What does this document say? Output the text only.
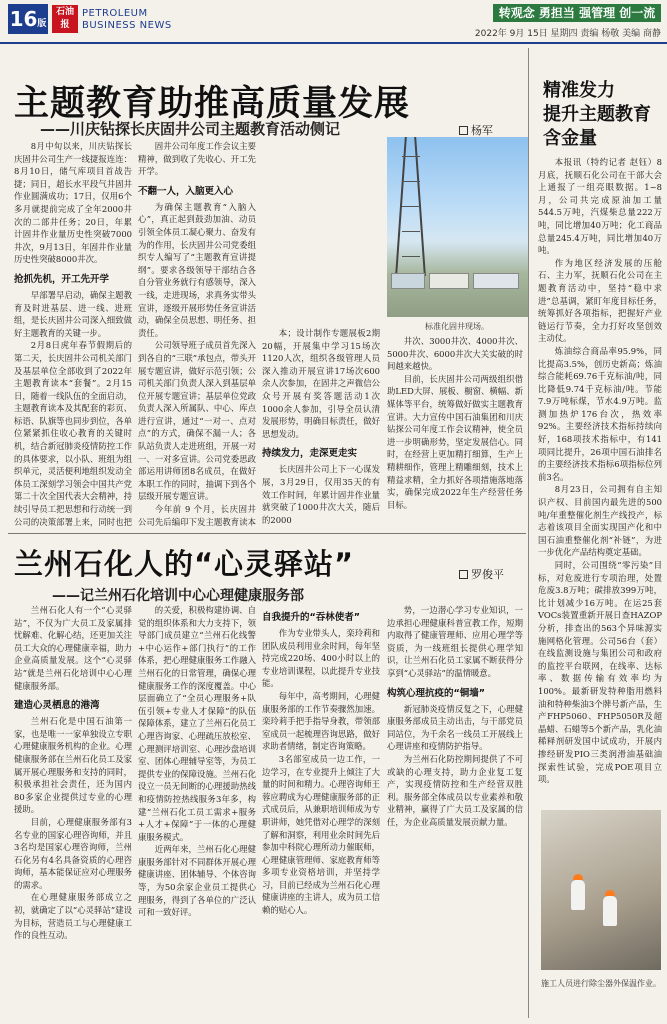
16版
石油报
PETROLEUM
BUSINESS NEWS
转观念 勇担当 强管理 创一流
2022年 9月 15日 星期四 责编 杨敬 美编 商静
主题教育助推高质量发展
——川庆钻探长庆固井公司主题教育活动侧记	杨军

8月中旬以来，川庆钻探长庆固井公司生产一线捷报连连：8月10日，储气库项目首战告捷；同日，超长水平段气井固井作业圆满成功；17日，仅用6个多月就提前完成了全年2000井次的二部井任务；20日，年累计固井作业量历史性突破7000井次，9月13日，年固井作业量历史性突破8000井次。

抢抓先机，开工先开学

早部署早启动，确保主题教育及时进基层、进一线、进班组，是长庆固井公司深入细致做好主题教育的关键一步。

2月8日虎年春节假期后的第二天，长庆固井公司机关部门及基层单位全部收到了2022年主题教育读本“套餐”。2月15日，随着一线队伍的全面启动，主题教育读本及其配套的彩页、标语、队旗等也同步到位，各单位紧紧抓住收心教育的关键时机，结合新冠肺炎疫情防控工作的具体要求，以小队、班组为组织单元，灵活便利地组织发动全体员工深刻学习领会中国共产党第二十次全国代表大会精神，持续引导员工把思想和行动统一到公司的决策部署上来，同时也把

固井公司年度工作会议主要精神，做到收了先收心、开工先开学。

不翻一人，入脑更入心

为确保主题教育“入脑入心”，真正起到鼓劲加油、动员引领全体员工凝心聚力、奋发有为的作用，长庆固井公司党委组织专人编写了“主题教育宣讲提纲”。要求各级领导干部结合各自分管业务就行有感领导，深入一线，走进现场，求真务实带头宣讲，逐级开展形势任务宣讲活动，确保全员思想、明任务、担责任。

公司领导班子成员首先深入到各自的“三联”承包点，带头开展专题宣讲，做好示范引领；公司机关部门负责人深入到基层单位开展专题宣讲；基层单位党政负责人深入所属队、中心、库点进行宣讲，通过“一对一、点对点”的方式，确保不漏一人；各队站负责人走进班组，开展一对一、一对多宣讲。公司党委思政部运用讲师团8名成员，在做好本职工作的同时，抽调下到各个层级开展专题宣讲。

今年前 9 个月，长庆固井公司先后编印下发主题教育读本

本；设计制作专题展板2期20幅，开展集中学习15场次1120人次，组织各级管理人员深入推动开展宣讲17场次600余人次参加，在固井之声微信公众号开展有奖答题活动1次1000余人参加，引导全员认清发展形势，明确目标责任，做好思想发动。

持续发力，走深更走实

长庆固井公司上下一心谋发展，3月29日，仅用35天的有效工作时间，年累计固井作业量就突破了1000井次大关，随后的2000

标准化固井现场。

井次、3000井次、4000井次、5000井次、6000井次大关实破的时间越来越快。

目前，长庆固井公司两级组织借助LED大屏、展板、橱窗、横幅、新媒体等平台，统筹做好做实主题教育宣讲。大力宣传中国石油集团和川庆钻探公司年度工作会议精神，使全员进一步明确形势，坚定发展信心。同时，在经营上更加精打细算，生产上精耕细作，管理上精雕细刻，技术上精益求精，全力抓好各项措施落地落实，确保完成2022年生产经营任务目标。

兰州石化人的“心灵驿站”
——记兰州石化培训中心心理健康服务部
罗俊平

兰州石化人有一个“心灵驿站”，不仅为广大员工及家属排忧解难、化解心结，还更加关注员工大众的心理健康幸福，助力企业高质量发展。这个“心灵驿站”就是兰州石化培训中心心理健康服务部。

建造心灵栖息的港湾

兰州石化是中国石油第一家，也是唯一一家单独设立专职心理健康服务机构的企业。心理健康服务部在兰州石化员工及家属开展心理服务和支持的同时，积极承担社会责任，还为国内80多家企业提供过专业的心理援助。

目前，心理健康服务部有3名专业的国家心理咨询师，并且3名均是国家心理咨询师，兰州石化另有4名具备资质的心理咨询师，基本能保证应对心理服务的需求。

在心理健康服务部成立之初，就确定了以“心灵驿站”建设为目标，营造员工与心理健康工作的良性互动。

的关爱，积极构建协调、自觉的组织体系和大力支持下，领导部门成员建立“兰州石化线警+中心运作+部门执行”的工作体系，把心理健康服务工作融入兰州石化的日常管理，确保心理健康服务工作的深度覆盖。中心层面确立了“全员心理服务+队伍引领+专业人才保障”的队伍保障体系，建立了兰州石化员工心理咨询家、心理疏压放松室、心理测评培训室、心理沙盘培训室、团体心理辅导室等，为员工提供专业的保障设施。兰州石化设立一员无间断的心理援助热线和疫情防控热线服务3年多，构建“兰州石化工员工需求+服务+人才+保障”于一体的心理健康服务模式。

近两年来，兰州石化心理健康服务部针对不同群体开展心理健康讲座、团体辅导、个体咨询等，为50余家企业员工提供心理服务，得到了各单位的广泛认可和一致好评。

自我提升的“吞林使者”

作为专业带头人，栾玲莉和团队成员利用业余时间，每年坚持完成220场、400小时以上的专业培训课程，以此提升专业技能。

每年中，高考期间，心理健康服务部的工作节奏骤然加速。栾玲莉手把手指导身教，带领部室成员一起梳理咨询思路，做好求助者情绪，制定咨询策略。

3名部室成员一边工作，一边学习，在专业提升上倾注了大量的时间和精力。心理咨询师王蓉应聘成为心理健康服务部的正式成员后，从兼职培训师成为专职讲师，她凭借对心理学的深刻了解和洞察，利用业余时间先后参加中科院心理所动力催眠师，心理健康管理师、家庭教育师等多项专业资格培训，并坚持学习，目前已经成为兰州石化心理健康讲座的主讲人，成为员工信赖的贴心人。

势，一边潜心学习专业知识，一边承担心理健康科普宣教工作，短期内取得了健康管理师、应用心理学等资质，为一线班组长提供心理学知识，让兰州石化员工家属不断获得分享到“心灵驿站”的温情暖意。

构筑心理抗疫的“铜墙”

新冠肺炎疫情反复之下，心理健康服务部成员主动出击，与干部党员同站位，为千余名一线员工开展线上心理讲座和疫情防护指导。

为兰州石化防控期间提供了不可或缺的心理支持，助力企业复工复产，实现疫情防控和生产经营双胜利。服务部全体成员以专业素养和敬业精神，赢得了广大员工及家属的信任，为企业高质量发展贡献力量。

精准发力
提升主题教育
含金量

本报讯（特约记者 赵钰）8月底，抚顺石化公司在干部大会上通报了一组亮眼数据。1~8月，公司共完成原油加工量544.5万吨，汽煤柴总量222万吨，同比增加40万吨；化工商品总量245.4万吨，同比增加40万吨。

作为地区经济发展的压舱石、主力军，抚顺石化公司在主题教育活动中，坚持“稳中求进”总基调，紧盯年度目标任务，统筹抓好各项指标，把握好产业链运行节奏，全力打好攻坚创效主动仗。

炼油综合商品率95.9%，同比提高3.5%，创历史新高；炼油综合能耗69.76千克标油/吨，同比降低9.74千克标油/吨。节能7.9万吨标煤，节水4.9万吨。监测加热炉176台次，热效率92%。主要经济技术指标持续向好，168项技术指标中，有141项同比提升，26项中国石油排名的主要经济技术指标6项指标位列前3名。

8月23日，公司拥有自主知识产权、目前国内最先进的500吨/年重整催化剂生产线投产，标志着该项目全面实现国产化和中国石油重整催化剂“补链”，为进一步优化产品结构奠定基础。

同时，公司围绕“零污染”目标，对危废进行专项治理，处置危废3.8万吨；碳排放399万吨，比计划减少16万吨。在运25套VOCs装置重新开展日查HAZOP分析，排查出的563个异味源实施网格化管理。公司56台（套）在线监测设施与集团公司和政府的监控平台联网，在线率、达标率、数据传输有效率均为100%。最新研发特种脂用燃料油和特种柴油3个牌号新产品，生产FHP5060、FHP5050R及超晶蜡、石蜡等5个新产品，乳化油稀释剂研发国中试成功，开展内掺经研发PIO三类润滑油基础油探索性试验，完成POE项目立项。

施工人员进行除尘器外保温作业。
